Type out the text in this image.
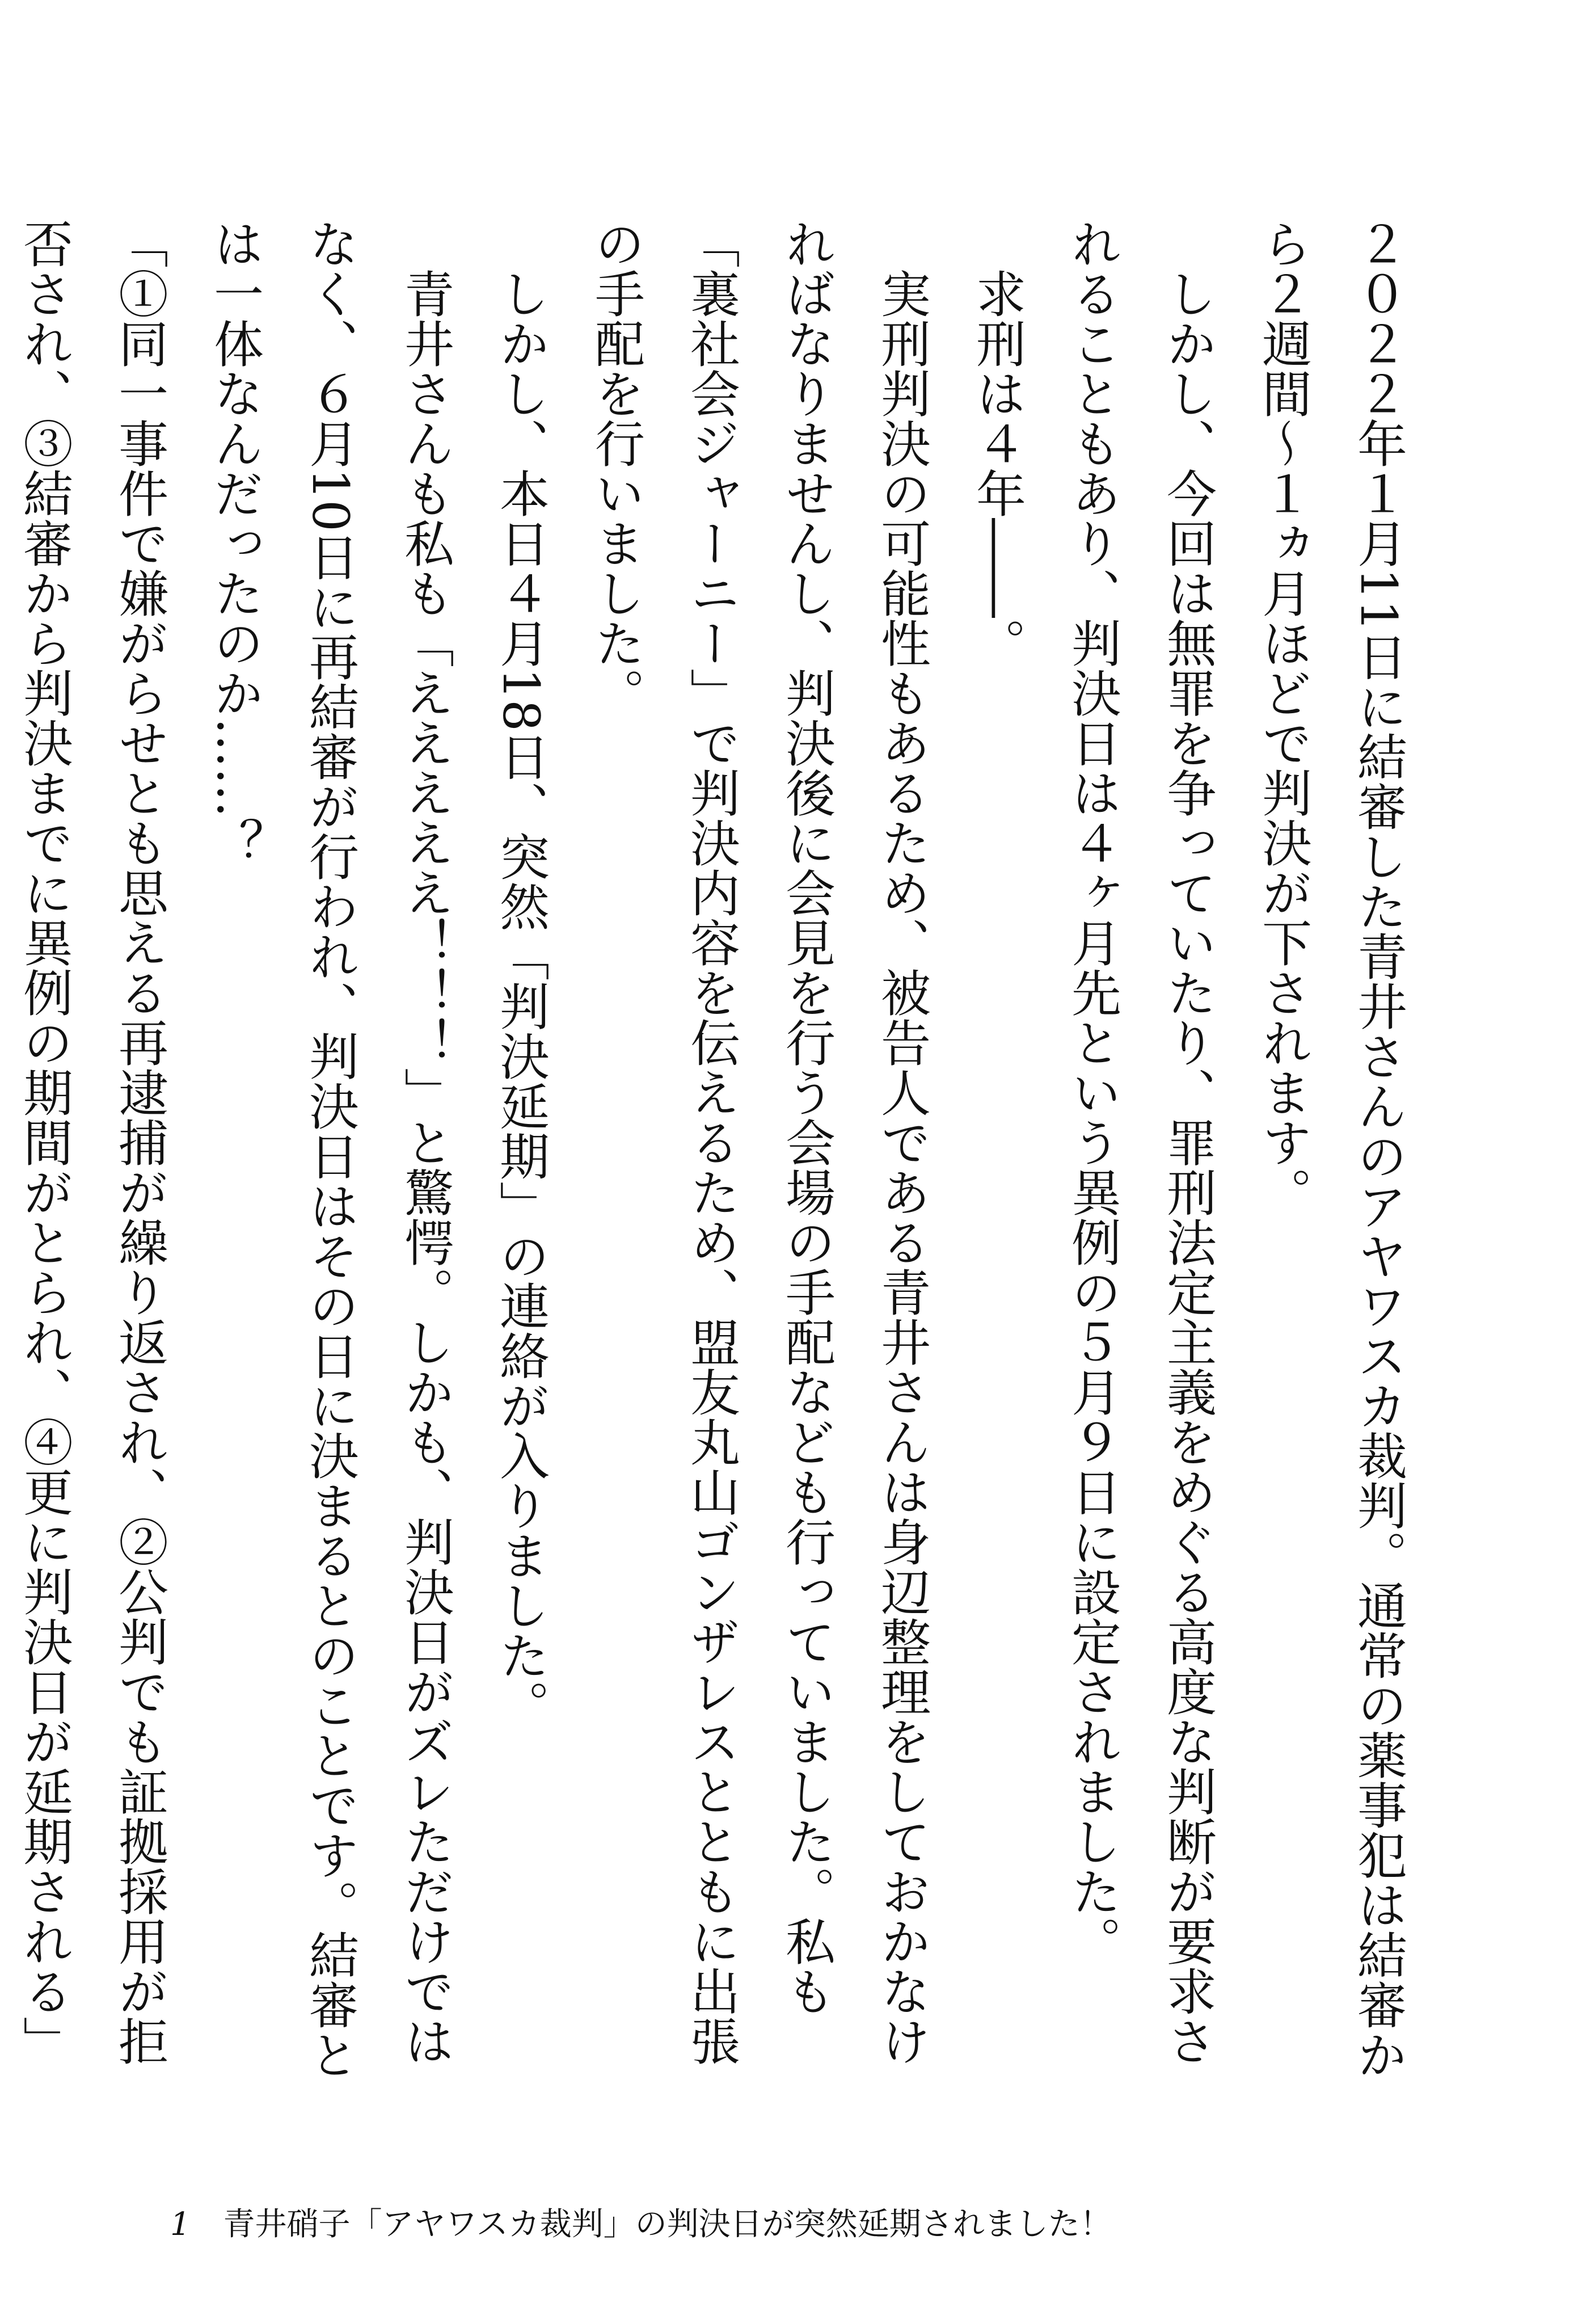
２０２２年１月11日に結審した青井さんのアヤワスカ裁判。通常の薬事犯は結審から２週間～１ヵ月ほどで判決が下されます。

しかし、今回は無罪を争っていたり、罪刑法定主義をめぐる高度な判断が要求されることもあり、判決日は４ヶ月先という異例の５月９日に設定されました。

求刑は４年――。

実刑判決の可能性もあるため、被告人である青井さんは身辺整理をしておかなければなりませんし、判決後に会見を行う会場の手配なども行っていました。私も「裏社会ジャーニー」で判決内容を伝えるため、盟友丸山ゴンザレスとともに出張の手配を行いました。

しかし、本日４月18日、突然「判決延期」の連絡が入りました。

青井さんも私も「えええええ！！！」と驚愕。しかも、判決日がズレただけではなく、６月10日に再結審が行われ、判決日はその日に決まるとのことです。結審とは一体なんだったのか……？

「①同一事件で嫌がらせとも思える再逮捕が繰り返され、②公判でも証拠採用が拒否され、③結審から判決までに異例の期間がとられ、④更に判決日が延期される」

1 青井硝子「アヤワスカ裁判」の判決日が突然延期されました！
